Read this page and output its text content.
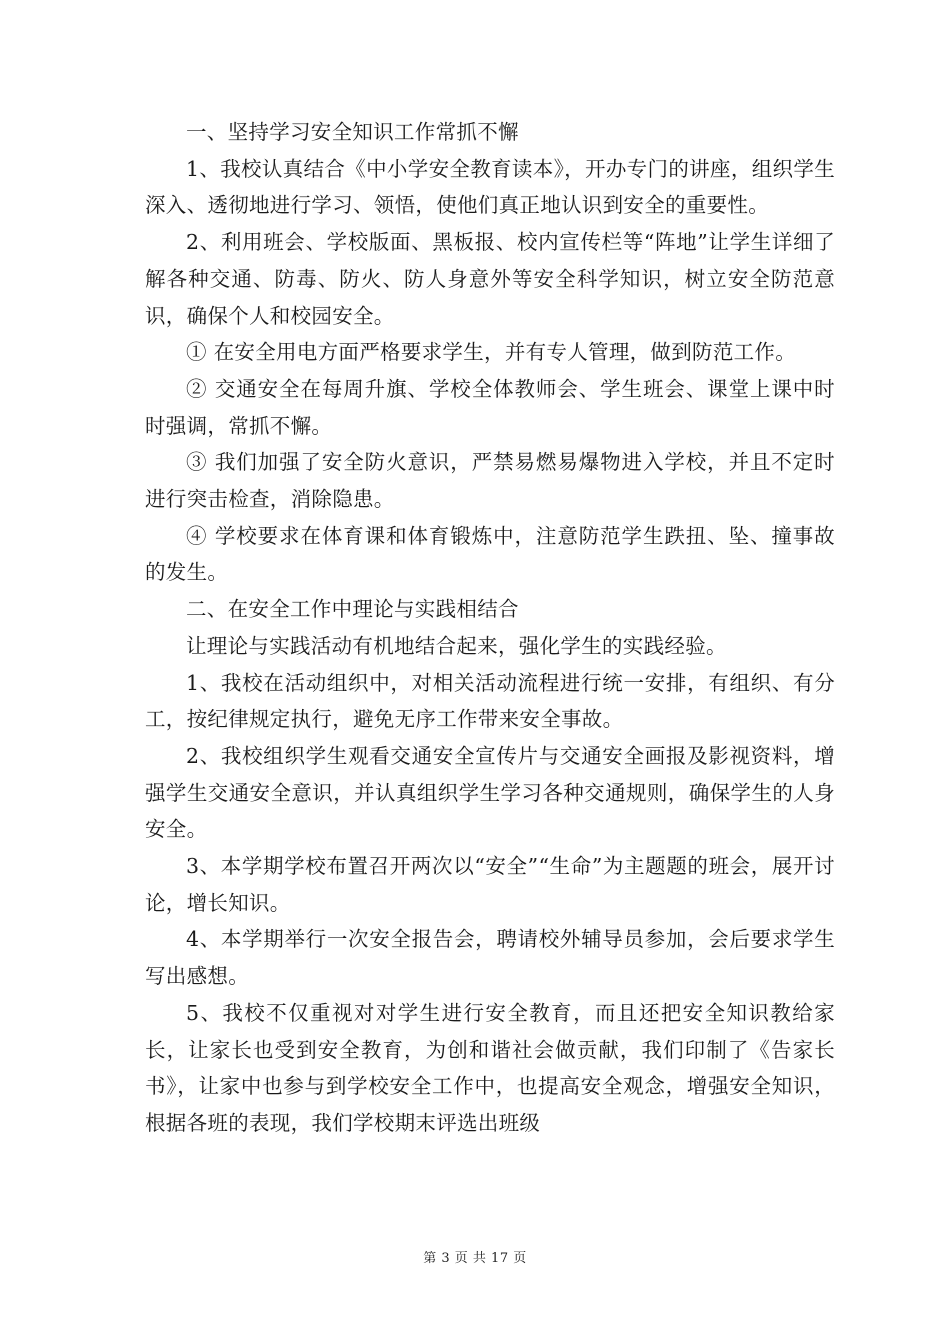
一、坚持学习安全知识工作常抓不懈

1、我校认真结合《中小学安全教育读本》，开办专门的讲座，组织学生深入、透彻地进行学习、领悟，使他们真正地认识到安全的重要性。

2、利用班会、学校版面、黑板报、校内宣传栏等“阵地”让学生详细了解各种交通、防毒、防火、防人身意外等安全科学知识，树立安全防范意识，确保个人和校园安全。

① 在安全用电方面严格要求学生，并有专人管理，做到防范工作。

② 交通安全在每周升旗、学校全体教师会、学生班会、课堂上课中时时强调，常抓不懈。

③ 我们加强了安全防火意识，严禁易燃易爆物进入学校，并且不定时进行突击检查，消除隐患。

④ 学校要求在体育课和体育锻炼中，注意防范学生跌扭、坠、撞事故的发生。

二、在安全工作中理论与实践相结合

让理论与实践活动有机地结合起来，强化学生的实践经验。

1、我校在活动组织中，对相关活动流程进行统一安排，有组织、有分工，按纪律规定执行，避免无序工作带来安全事故。

2、我校组织学生观看交通安全宣传片与交通安全画报及影视资料，增强学生交通安全意识，并认真组织学生学习各种交通规则，确保学生的人身安全。

3、本学期学校布置召开两次以“安全”“生命”为主题题的班会，展开讨论，增长知识。

4、本学期举行一次安全报告会，聘请校外辅导员参加，会后要求学生写出感想。

5、我校不仅重视对对学生进行安全教育，而且还把安全知识教给家长，让家长也受到安全教育，为创和谐社会做贡献，我们印制了《告家长书》，让家中也参与到学校安全工作中，也提高安全观念，增强安全知识，根据各班的表现，我们学校期末评选出班级

第 3 页 共 17 页
